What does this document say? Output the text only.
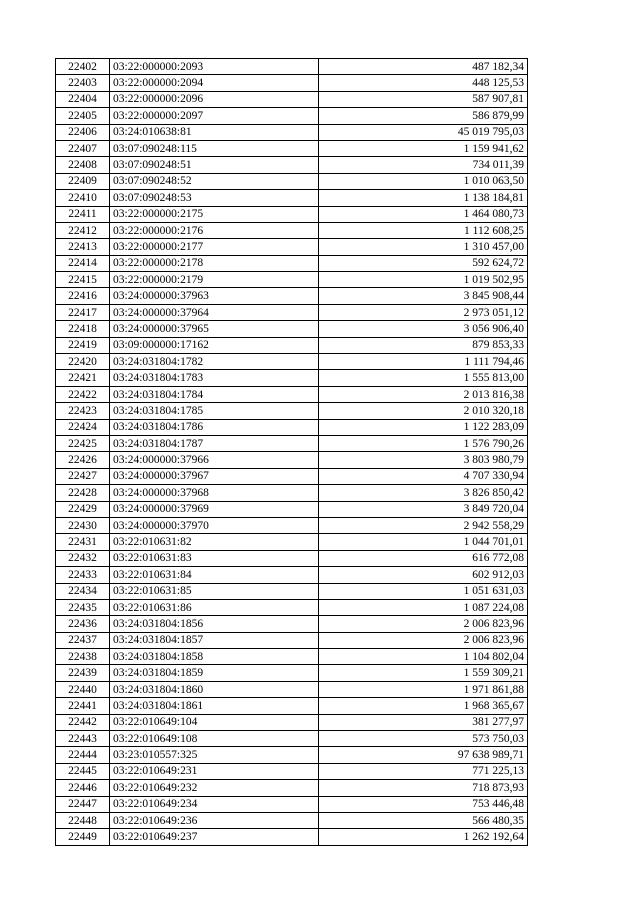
22402	03:22:000000:2093	487 182,34
22403	03:22:000000:2094	448 125,53
22404	03:22:000000:2096	587 907,81
22405	03:22:000000:2097	586 879,99
22406	03:24:010638:81	45 019 795,03
22407	03:07:090248:115	1 159 941,62
22408	03:07:090248:51	734 011,39
22409	03:07:090248:52	1 010 063,50
22410	03:07:090248:53	1 138 184,81
22411	03:22:000000:2175	1 464 080,73
22412	03:22:000000:2176	1 112 608,25
22413	03:22:000000:2177	1 310 457,00
22414	03:22:000000:2178	592 624,72
22415	03:22:000000:2179	1 019 502,95
22416	03:24:000000:37963	3 845 908,44
22417	03:24:000000:37964	2 973 051,12
22418	03:24:000000:37965	3 056 906,40
22419	03:09:000000:17162	879 853,33
22420	03:24:031804:1782	1 111 794,46
22421	03:24:031804:1783	1 555 813,00
22422	03:24:031804:1784	2 013 816,38
22423	03:24:031804:1785	2 010 320,18
22424	03:24:031804:1786	1 122 283,09
22425	03:24:031804:1787	1 576 790,26
22426	03:24:000000:37966	3 803 980,79
22427	03:24:000000:37967	4 707 330,94
22428	03:24:000000:37968	3 826 850,42
22429	03:24:000000:37969	3 849 720,04
22430	03:24:000000:37970	2 942 558,29
22431	03:22:010631:82	1 044 701,01
22432	03:22:010631:83	616 772,08
22433	03:22:010631:84	602 912,03
22434	03:22:010631:85	1 051 631,03
22435	03:22:010631:86	1 087 224,08
22436	03:24:031804:1856	2 006 823,96
22437	03:24:031804:1857	2 006 823,96
22438	03:24:031804:1858	1 104 802,04
22439	03:24:031804:1859	1 559 309,21
22440	03:24:031804:1860	1 971 861,88
22441	03:24:031804:1861	1 968 365,67
22442	03:22:010649:104	381 277,97
22443	03:22:010649:108	573 750,03
22444	03:23:010557:325	97 638 989,71
22445	03:22:010649:231	771 225,13
22446	03:22:010649:232	718 873,93
22447	03:22:010649:234	753 446,48
22448	03:22:010649:236	566 480,35
22449	03:22:010649:237	1 262 192,64
